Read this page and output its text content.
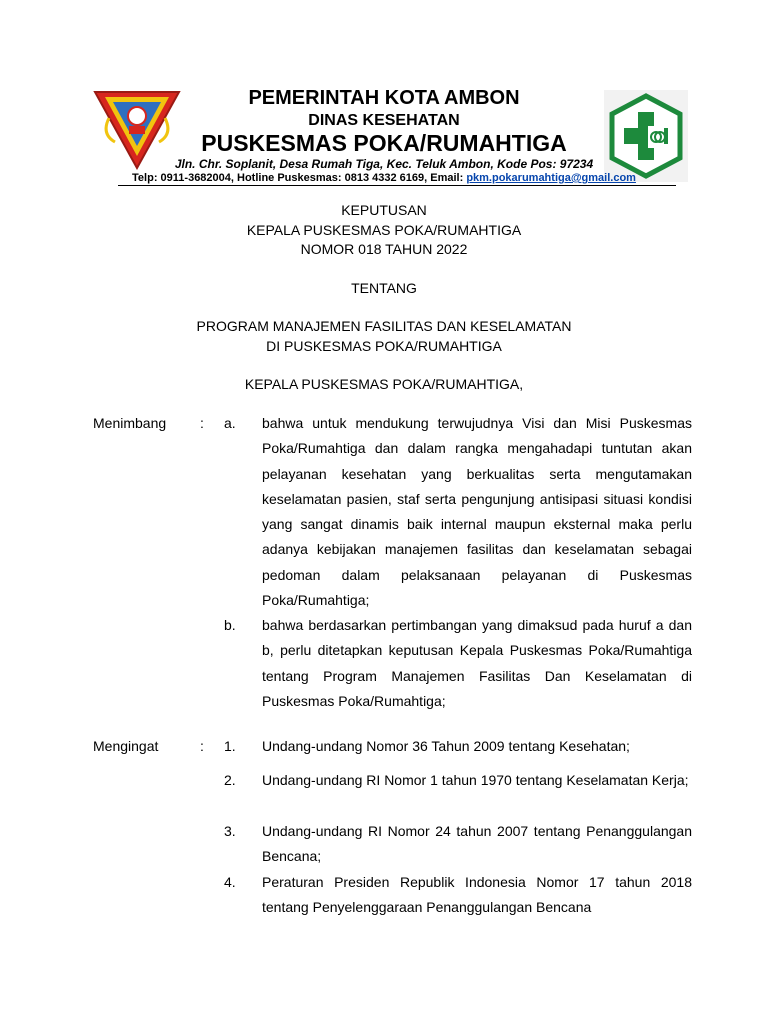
PEMERINTAH KOTA AMBON
DINAS KESEHATAN
PUSKESMAS POKA/RUMAHTIGA
Jln. Chr. Soplanit, Desa Rumah Tiga, Kec. Teluk Ambon, Kode Pos: 97234
Telp: 0911-3682004, Hotline Puskesmas: 0813 4332 6169, Email: pkm.pokarumahtiga@gmail.com
KEPUTUSAN
KEPALA PUSKESMAS POKA/RUMAHTIGA
NOMOR 018 TAHUN 2022
TENTANG
PROGRAM MANAJEMEN FASILITAS DAN KESELAMATAN
DI PUSKESMAS POKA/RUMAHTIGA
KEPALA PUSKESMAS POKA/RUMAHTIGA,
Menimbang : a. bahwa untuk mendukung terwujudnya Visi dan Misi Puskesmas Poka/Rumahtiga dan dalam rangka mengahadapi tuntutan akan pelayanan kesehatan yang berkualitas serta mengutamakan keselamatan pasien, staf serta pengunjung antisipasi situasi kondisi yang sangat dinamis baik internal maupun eksternal maka perlu adanya kebijakan manajemen fasilitas dan keselamatan sebagai pedoman dalam pelaksanaan pelayanan di Puskesmas Poka/Rumahtiga;
b. bahwa berdasarkan pertimbangan yang dimaksud pada huruf a dan b, perlu ditetapkan keputusan Kepala Puskesmas Poka/Rumahtiga tentang Program Manajemen Fasilitas Dan Keselamatan di Puskesmas Poka/Rumahtiga;
Mengingat	: 1. Undang-undang Nomor 36 Tahun 2009 tentang Kesehatan;
2. Undang-undang RI Nomor 1 tahun 1970 tentang Keselamatan Kerja;
3. Undang-undang RI Nomor 24 tahun 2007 tentang Penanggulangan Bencana;
4. Peraturan Presiden Republik Indonesia Nomor 17 tahun 2018 tentang Penyelenggaraan Penanggulangan Bencana
